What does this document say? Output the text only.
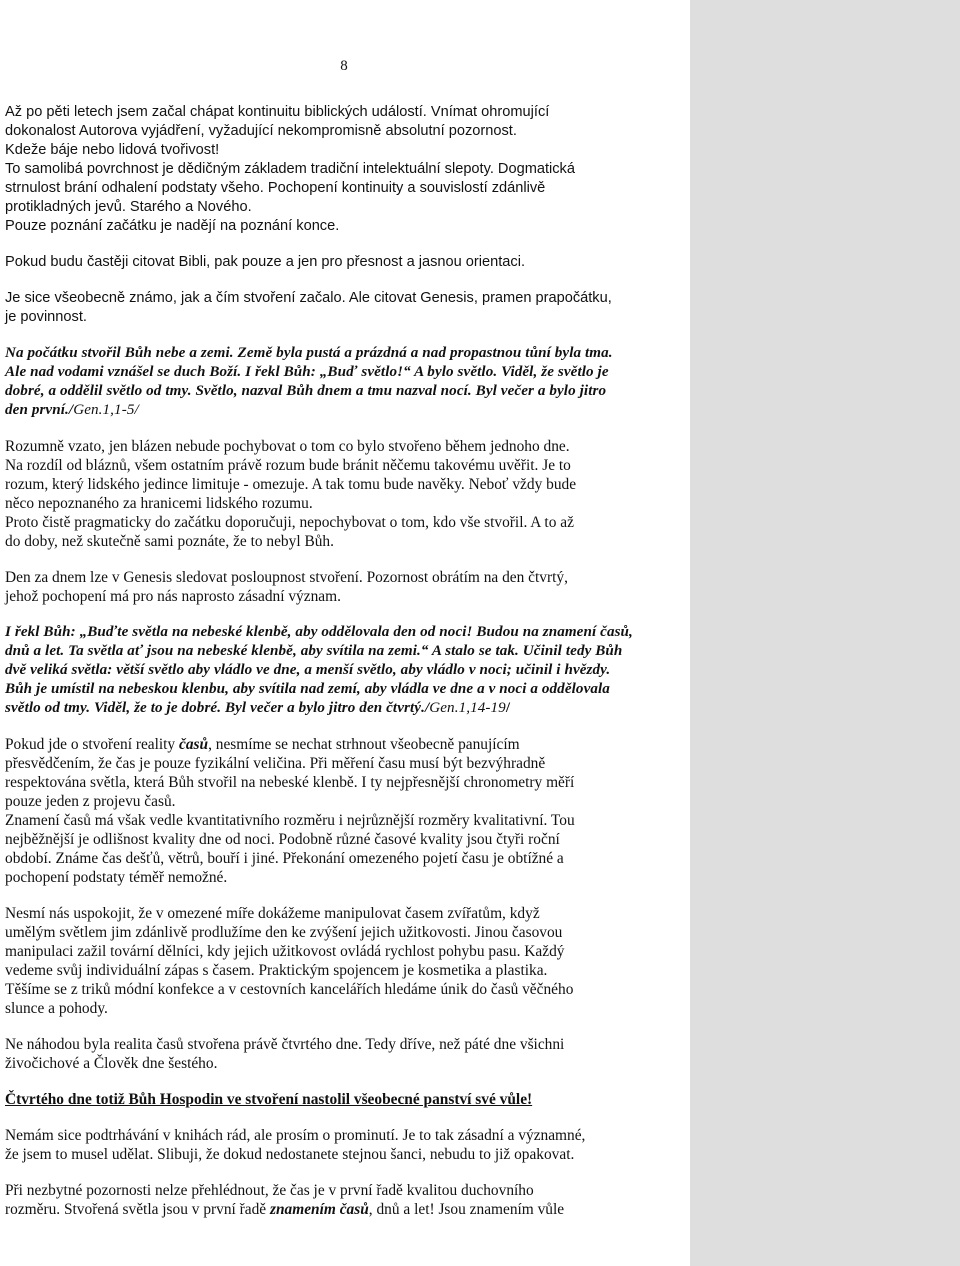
8

Až po pěti letech jsem začal chápat kontinuitu biblických událostí. Vnímat ohromující
dokonalost Autorova vyjádření, vyžadující nekompromisně absolutní pozornost.
Kdeže báje nebo lidová tvořivost!
To samolibá povrchnost je dědičným základem tradiční intelektuální slepoty. Dogmatická
strnulost brání odhalení podstaty všeho. Pochopení kontinuity a souvislostí zdánlivě
protikladných jevů. Starého a Nového.
Pouze poznání začátku je nadějí na poznání konce.

Pokud budu častěji citovat Bibli, pak pouze a jen pro přesnost a jasnou orientaci.

Je sice všeobecně známo, jak a čím stvoření začalo. Ale citovat Genesis, pramen prapočátku,
je povinnost.

Na počátku stvořil Bůh nebe a zemi. Země byla pustá a prázdná a nad propastnou tůní byla tma.
Ale nad vodami vznášel se duch Boží. I řekl Bůh: „Buď světlo!“ A bylo světlo. Viděl, že světlo je
dobré, a oddělil světlo od tmy. Světlo, nazval Bůh dnem a tmu nazval nocí. Byl večer a bylo jitro
den první./Gen.1,1-5/

Rozumně vzato, jen blázen nebude pochybovat o tom co bylo stvořeno během jednoho dne.
Na rozdíl od bláznů, všem ostatním právě rozum bude bránit něčemu takovému uvěřit. Je to
rozum, který lidského jedince limituje - omezuje. A tak tomu bude navěky. Neboť vždy bude
něco nepoznaného za hranicemi lidského rozumu.
Proto čistě pragmaticky do začátku doporučuji, nepochybovat o tom, kdo vše stvořil. A to až
do doby, než skutečně sami poznáte, že to nebyl Bůh.

Den za dnem lze v Genesis sledovat posloupnost stvoření. Pozornost obrátím na den čtvrtý,
jehož pochopení má pro nás naprosto zásadní význam.

I řekl Bůh: „Buďte světla na nebeské klenbě, aby oddělovala den od noci! Budou na znamení časů,
dnů a let. Ta světla ať jsou na nebeské klenbě, aby svítila na zemi.“ A stalo se tak. Učinil tedy Bůh
dvě veliká světla: větší světlo aby vládlo ve dne, a menší světlo, aby vládlo v noci; učinil i hvězdy.
Bůh je umístil na nebeskou klenbu, aby svítila nad zemí, aby vládla ve dne a v noci a oddělovala
světlo od tmy. Viděl, že to je dobré. Byl večer a bylo jitro den čtvrtý./Gen.1,14-19/

Pokud jde o stvoření reality časů, nesmíme se nechat strhnout všeobecně panujícím
přesvědčením, že čas je pouze fyzikální veličina. Při měření času musí být bezvýhradně
respektována světla, která Bůh stvořil na nebeské klenbě. I ty nejpřesnější chronometry měří
pouze jeden z projevu časů.
Znamení časů má však vedle kvantitativního rozměru i nejrůznější rozměry kvalitativní. Tou
nejběžnější je odlišnost kvality dne od noci. Podobně různé časové kvality jsou čtyři roční
období. Známe čas dešťů, větrů, bouří i jiné. Překonání omezeného pojetí času je obtížné a
pochopení podstaty téměř nemožné.

Nesmí nás uspokojit, že v omezené míře dokážeme manipulovat časem zvířatům, když
umělým světlem jim zdánlivě prodlužíme den ke zvýšení jejich užitkovosti. Jinou časovou
manipulaci zažil tovární dělníci, kdy jejich užitkovost ovládá rychlost pohybu pasu. Každý
vedeme svůj individuální zápas s časem. Praktickým spojencem je kosmetika a plastika.
Těšíme se z triků módní konfekce a v cestovních kancelářích hledáme únik do časů věčného
slunce a pohody.

Ne náhodou byla realita časů stvořena právě čtvrtého dne. Tedy dříve, než páté dne všichni
živočichové a Člověk dne šestého.

Čtvrtého dne totiž Bůh Hospodin ve stvoření nastolil všeobecné panství své vůle!

Nemám sice podtrhávání v knihách rád, ale prosím o prominutí. Je to tak zásadní a významné,
že jsem to musel udělat. Slibuji, že dokud nedostanete stejnou šanci, nebudu to již opakovat.

Při nezbytné pozornosti nelze přehlédnout, že čas je v první řadě kvalitou duchovního
rozměru. Stvořená světla jsou v první řadě znamením časů, dnů a let! Jsou znamením vůle
